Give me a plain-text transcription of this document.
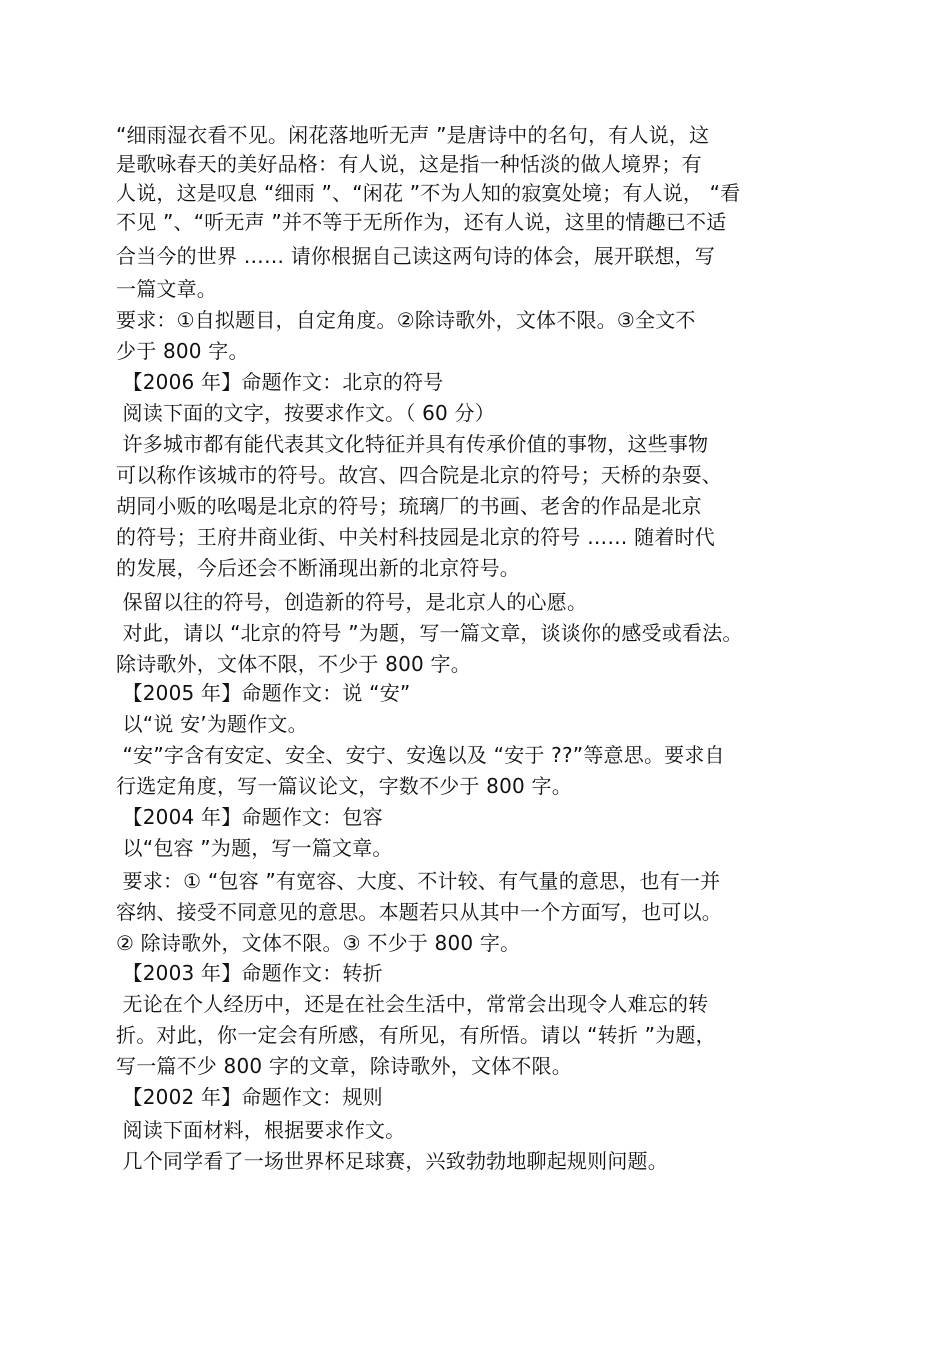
“细雨湿衣看不见。闲花落地听无声 ”是唐诗中的名句，有人说，这
是歌咏春天的美好品格：有人说，这是指一种恬淡的做人境界；有
人说，这是叹息 “细雨 ”、“闲花 ”不为人知的寂寞处境；有人说， “看
不见 ”、“听无声 ”并不等于无所作为，还有人说，这里的情趣已不适
合当今的世界 …… 请你根据自己读这两句诗的体会，展开联想，写
一篇文章。
要求：①自拟题目，自定角度。②除诗歌外，文体不限。③全文不
少于 800 字。
【2006 年】命题作文：北京的符号
阅读下面的文字，按要求作文。（ 60 分）
许多城市都有能代表其文化特征并具有传承价值的事物，这些事物
可以称作该城市的符号。故宫、四合院是北京的符号；天桥的杂耍、
胡同小贩的吆喝是北京的符号；琉璃厂的书画、老舍的作品是北京
的符号；王府井商业街、中关村科技园是北京的符号 …… 随着时代
的发展，今后还会不断涌现出新的北京符号。
保留以往的符号，创造新的符号，是北京人的心愿。
对此，请以 “北京的符号 ”为题，写一篇文章，谈谈你的感受或看法。
除诗歌外，文体不限，不少于 800 字。
【2005 年】命题作文：说 “安”
以“说 安’为题作文。
“安”字含有安定、安全、安宁、安逸以及 “安于 ??”等意思。要求自
行选定角度，写一篇议论文，字数不少于 800 字。
【2004 年】命题作文：包容
以“包容 ”为题，写一篇文章。
要求：① “包容 ”有宽容、大度、不计较、有气量的意思，也有一并
容纳、接受不同意见的意思。本题若只从其中一个方面写，也可以。
② 除诗歌外，文体不限。③ 不少于 800 字。
【2003 年】命题作文：转折
无论在个人经历中，还是在社会生活中，常常会出现令人难忘的转
折。对此，你一定会有所感，有所见，有所悟。请以 “转折 ”为题，
写一篇不少 800 字的文章，除诗歌外，文体不限。
【2002 年】命题作文：规则
阅读下面材料，根据要求作文。
几个同学看了一场世界杯足球赛，兴致勃勃地聊起规则问题。
